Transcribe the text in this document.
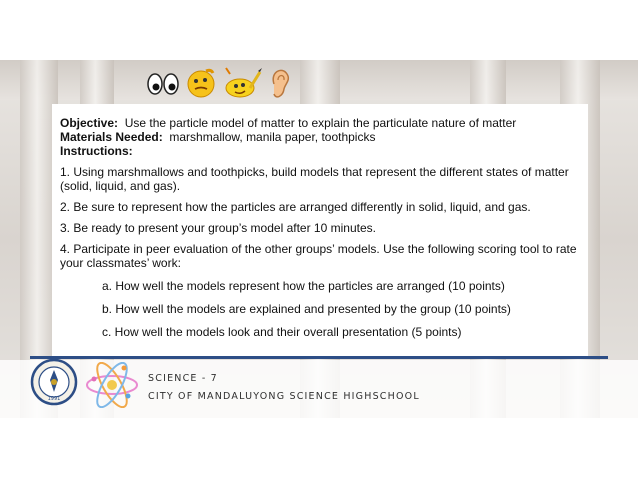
Objective: Use the particle model of matter to explain the particulate nature of matter

Materials Needed: marshmallow, manila paper, toothpicks

Instructions:

1. Using marshmallows and toothpicks, build models that represent the different states of matter (solid, liquid, and gas).

2. Be sure to represent how the particles are arranged differently in solid, liquid, and gas.

3. Be ready to present your group’s model after 10 minutes.

4. Participate in peer evaluation of the other groups’ models. Use the following scoring tool to rate your classmates’ work:

a. How well the models represent how the particles are arranged (10 points)

b. How well the models are explained and presented by the group (10 points)

c. How well the models look and their overall presentation (5 points)

1991
SCIENCE - 7
CITY OF MANDALUYONG SCIENCE HIGHSCHOOL
